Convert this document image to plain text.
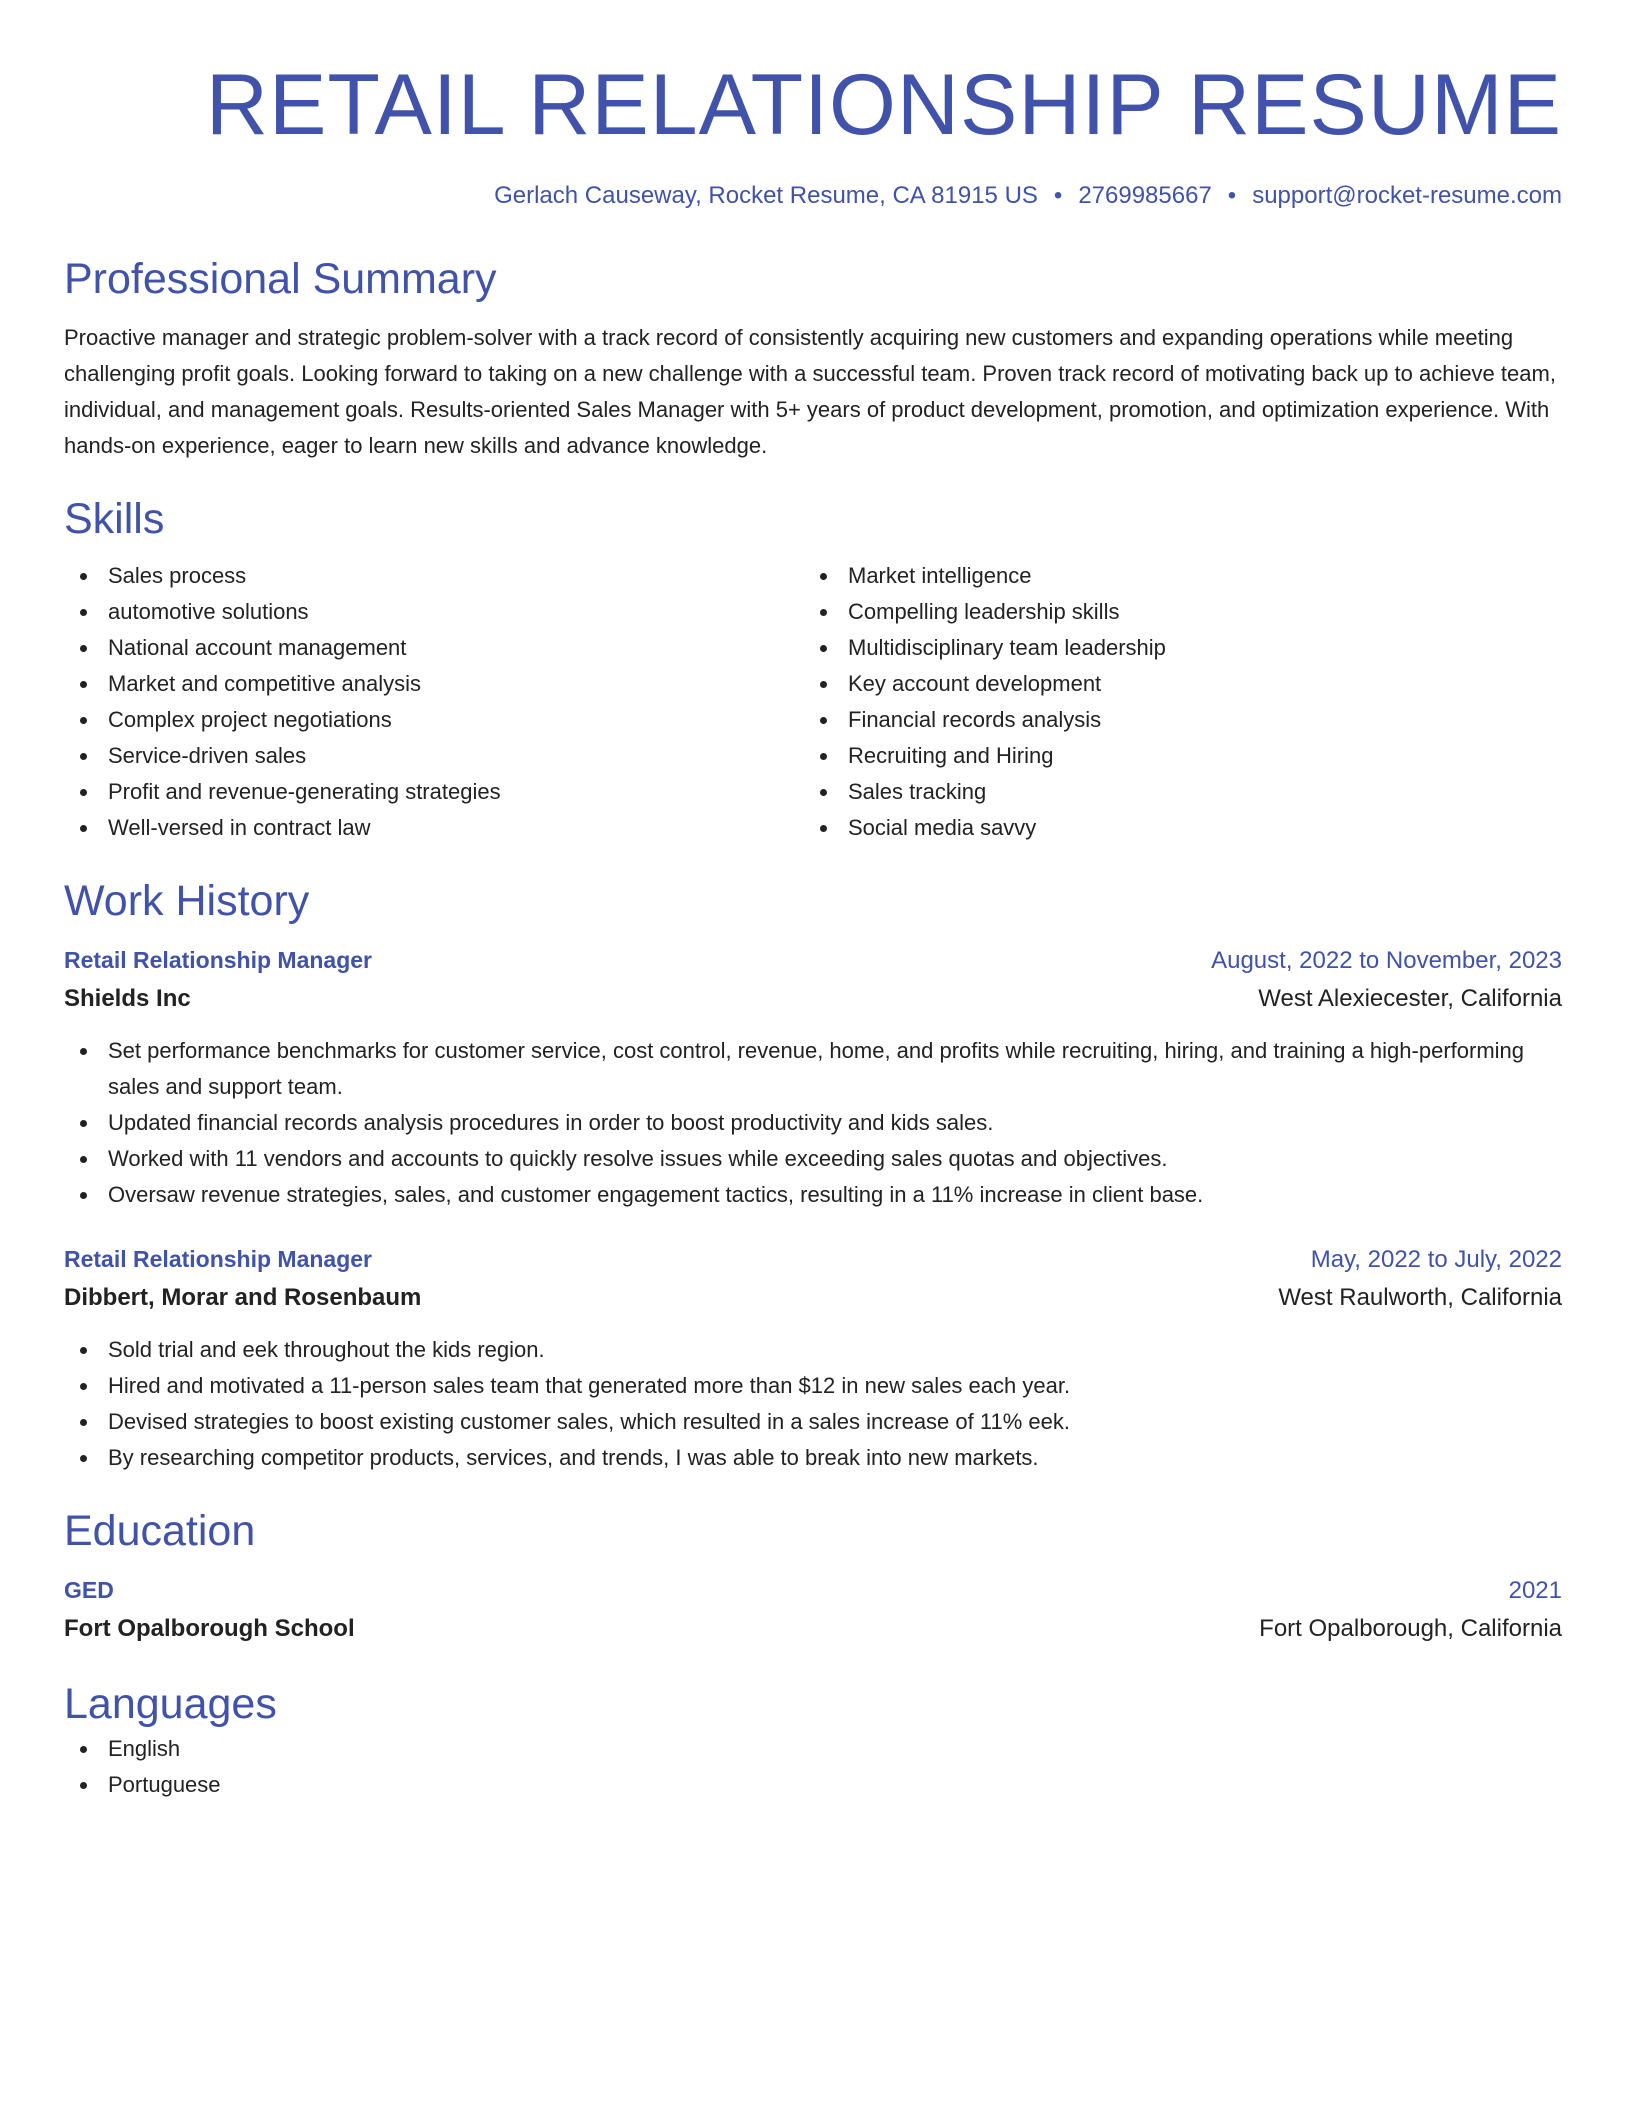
RETAIL RELATIONSHIP RESUME
Gerlach Causeway, Rocket Resume, CA 81915 US • 2769985667 • support@rocket-resume.com
Professional Summary

Proactive manager and strategic problem-solver with a track record of consistently acquiring new customers and expanding operations while meeting challenging profit goals. Looking forward to taking on a new challenge with a successful team. Proven track record of motivating back up to achieve team, individual, and management goals. Results-oriented Sales Manager with 5+ years of product development, promotion, and optimization experience. With hands-on experience, eager to learn new skills and advance knowledge.

Skills
Sales process
automotive solutions
National account management
Market and competitive analysis
Complex project negotiations
Service-driven sales
Profit and revenue-generating strategies
Well-versed in contract law
Market intelligence
Compelling leadership skills
Multidisciplinary team leadership
Key account development
Financial records analysis
Recruiting and Hiring
Sales tracking
Social media savvy
Work History
Retail Relationship Manager	August, 2022 to November, 2023
Shields Inc	West Alexiecester, California
Set performance benchmarks for customer service, cost control, revenue, home, and profits while recruiting, hiring, and training a high-performing sales and support team.
Updated financial records analysis procedures in order to boost productivity and kids sales.
Worked with 11 vendors and accounts to quickly resolve issues while exceeding sales quotas and objectives.
Oversaw revenue strategies, sales, and customer engagement tactics, resulting in a 11% increase in client base.
Retail Relationship Manager	May, 2022 to July, 2022
Dibbert, Morar and Rosenbaum	West Raulworth, California
Sold trial and eek throughout the kids region.
Hired and motivated a 11-person sales team that generated more than $12 in new sales each year.
Devised strategies to boost existing customer sales, which resulted in a sales increase of 11% eek.
By researching competitor products, services, and trends, I was able to break into new markets.
Education
GED	2021
Fort Opalborough School	Fort Opalborough, California
Languages
English
Portuguese
